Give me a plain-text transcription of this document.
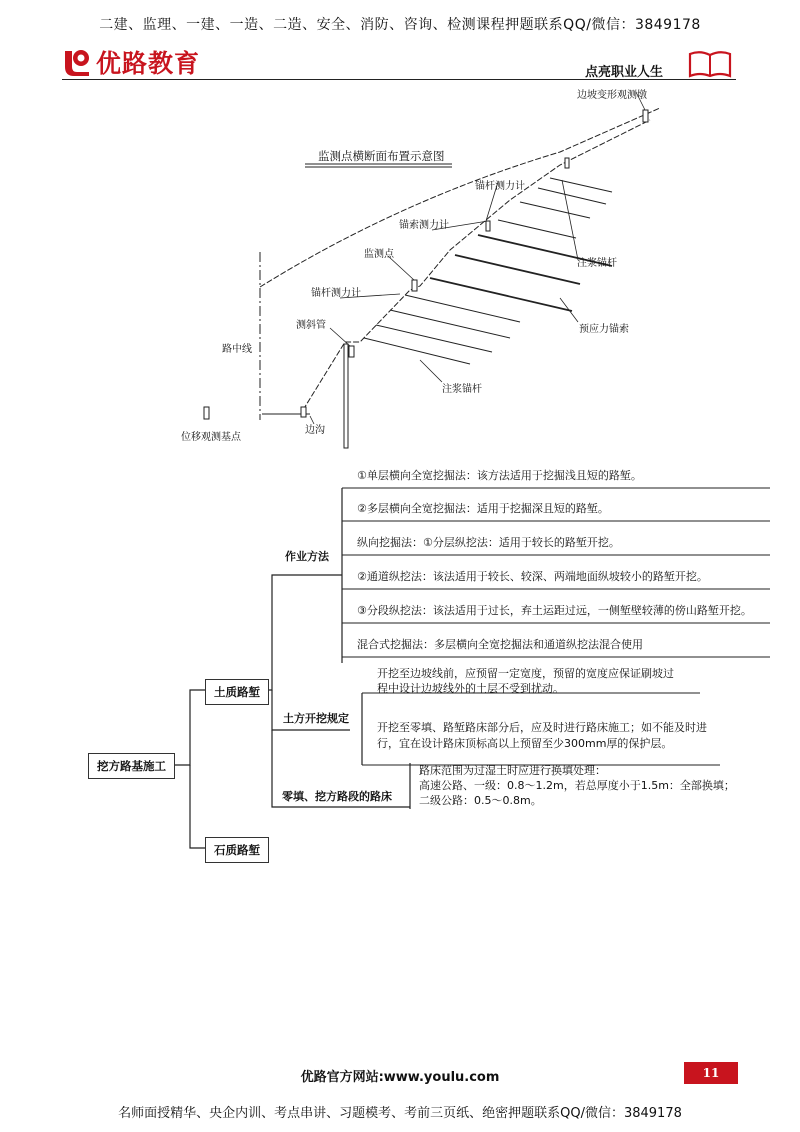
二建、监理、一建、一造、二造、安全、消防、咨询、检测课程押题联系QQ/微信：3849178
优路教育	点亮职业人生
监测点横断面布置示意图
边坡变形观测墩
锚杆测力计
锚索测力计
注浆锚杆
监测点
预应力锚索
锚杆测力计
测斜管
路中线
注浆锚杆
位移观测基点
边沟
挖方路基施工
土质路堑
石质路堑
作业方法
土方开挖规定
零填、挖方路段的路床
①单层横向全宽挖掘法：该方法适用于挖掘浅且短的路堑。
②多层横向全宽挖掘法：适用于挖掘深且短的路堑。
纵向挖掘法：①分层纵挖法：适用于较长的路堑开挖。
②通道纵挖法：该法适用于较长、较深、两端地面纵坡较小的路堑开挖。
③分段纵挖法：该法适用于过长，弃土运距过远，一侧堑壁较薄的傍山路堑开挖。
混合式挖掘法：多层横向全宽挖掘法和通道纵挖法混合使用
开挖至边坡线前，应预留一定宽度，预留的宽度应保证刷坡过
程中设计边坡线外的土层不受到扰动。
开挖至零填、路堑路床部分后，应及时进行路床施工；如不能及时进
行，宜在设计路床顶标高以上预留至少300mm厚的保护层。
路床范围为过湿土时应进行换填处理：
高速公路、一级：0.8～1.2m，若总厚度小于1.5m：全部换填；
二级公路：0.5～0.8m。
优路官方网站:www.youlu.com	11
名师面授精华、央企内训、考点串讲、习题模考、考前三页纸、绝密押题联系QQ/微信：3849178
